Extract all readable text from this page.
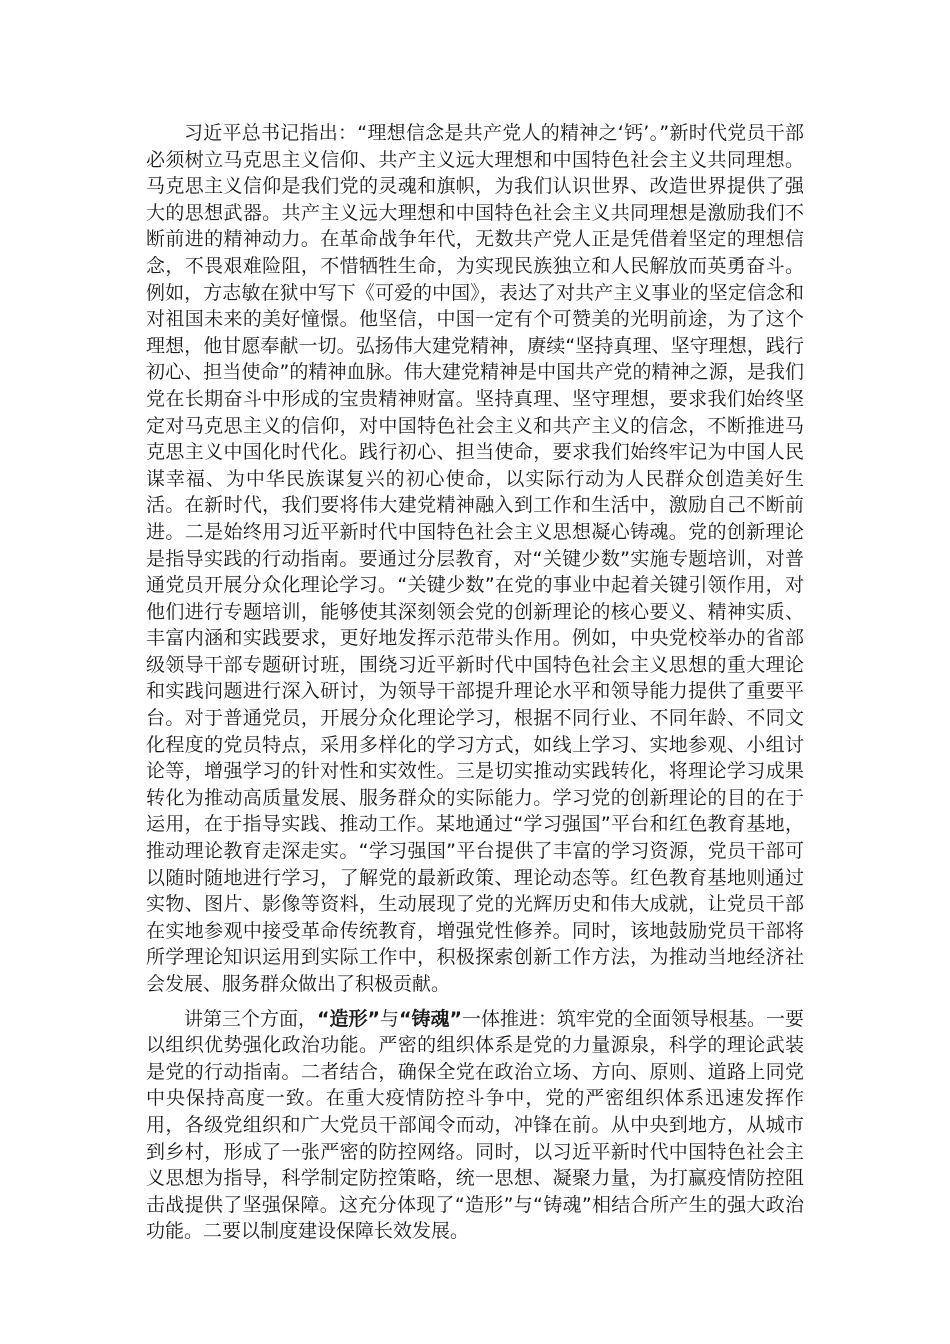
习近平总书记指出：“理想信念是共产党人的精神之‘钙’。”新时代党员干部必须树立马克思主义信仰、共产主义远大理想和中国特色社会主义共同理想。马克思主义信仰是我们党的灵魂和旗帜，为我们认识世界、改造世界提供了强大的思想武器。共产主义远大理想和中国特色社会主义共同理想是激励我们不断前进的精神动力。在革命战争年代，无数共产党人正是凭借着坚定的理想信念，不畏艰难险阻，不惜牺牲生命，为实现民族独立和人民解放而英勇奋斗。例如，方志敏在狱中写下《可爱的中国》，表达了对共产主义事业的坚定信念和对祖国未来的美好憧憬。他坚信，中国一定有个可赞美的光明前途，为了这个理想，他甘愿奉献一切。弘扬伟大建党精神，赓续“坚持真理、坚守理想，践行初心、担当使命”的精神血脉。伟大建党精神是中国共产党的精神之源，是我们党在长期奋斗中形成的宝贵精神财富。坚持真理、坚守理想，要求我们始终坚定对马克思主义的信仰，对中国特色社会主义和共产主义的信念，不断推进马克思主义中国化时代化。践行初心、担当使命，要求我们始终牢记为中国人民谋幸福、为中华民族谋复兴的初心使命，以实际行动为人民群众创造美好生活。在新时代，我们要将伟大建党精神融入到工作和生活中，激励自己不断前进。二是始终用习近平新时代中国特色社会主义思想凝心铸魂。党的创新理论是指导实践的行动指南。要通过分层教育，对“关键少数”实施专题培训，对普通党员开展分众化理论学习。“关键少数”在党的事业中起着关键引领作用，对他们进行专题培训，能够使其深刻领会党的创新理论的核心要义、精神实质、丰富内涵和实践要求，更好地发挥示范带头作用。例如，中央党校举办的省部级领导干部专题研讨班，围绕习近平新时代中国特色社会主义思想的重大理论和实践问题进行深入研讨，为领导干部提升理论水平和领导能力提供了重要平台。对于普通党员，开展分众化理论学习，根据不同行业、不同年龄、不同文化程度的党员特点，采用多样化的学习方式，如线上学习、实地参观、小组讨论等，增强学习的针对性和实效性。三是切实推动实践转化，将理论学习成果转化为推动高质量发展、服务群众的实际能力。学习党的创新理论的目的在于运用，在于指导实践、推动工作。某地通过“学习强国”平台和红色教育基地，推动理论教育走深走实。“学习强国”平台提供了丰富的学习资源，党员干部可以随时随地进行学习，了解党的最新政策、理论动态等。红色教育基地则通过实物、图片、影像等资料，生动展现了党的光辉历史和伟大成就，让党员干部在实地参观中接受革命传统教育，增强党性修养。同时，该地鼓励党员干部将所学理论知识运用到实际工作中，积极探索创新工作方法，为推动当地经济社会发展、服务群众做出了积极贡献。

讲第三个方面，“造形”与“铸魂”一体推进：筑牢党的全面领导根基。一要以组织优势强化政治功能。严密的组织体系是党的力量源泉，科学的理论武装是党的行动指南。二者结合，确保全党在政治立场、方向、原则、道路上同党中央保持高度一致。在重大疫情防控斗争中，党的严密组织体系迅速发挥作用，各级党组织和广大党员干部闻令而动，冲锋在前。从中央到地方，从城市到乡村，形成了一张严密的防控网络。同时，以习近平新时代中国特色社会主义思想为指导，科学制定防控策略，统一思想、凝聚力量，为打赢疫情防控阻击战提供了坚强保障。这充分体现了“造形”与“铸魂”相结合所产生的强大政治功能。二要以制度建设保障长效发展。
